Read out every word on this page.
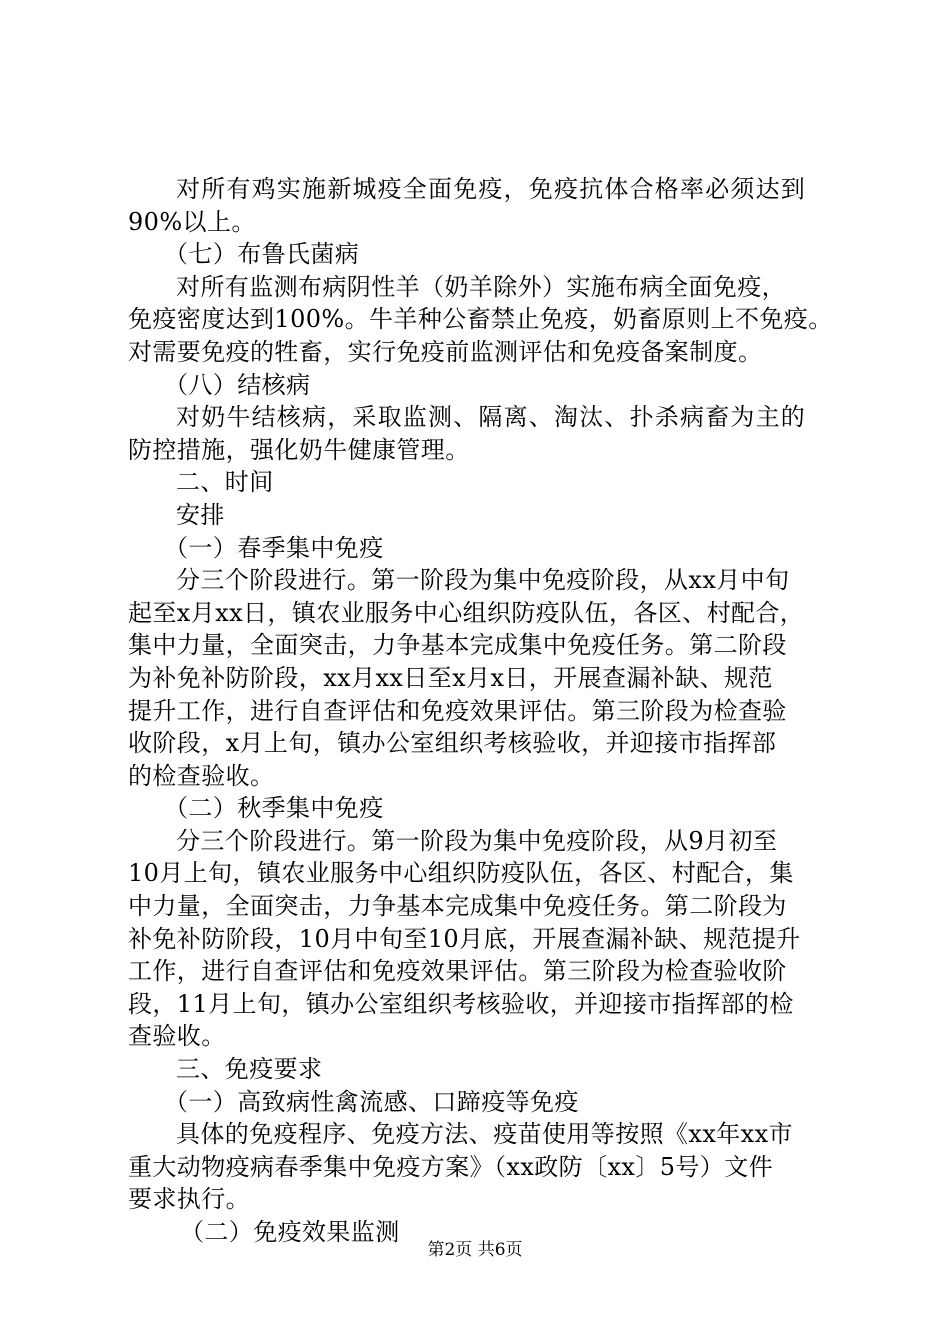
对所有鸡实施新城疫全面免疫，免疫抗体合格率必须达到
90%以上。
（七）布鲁氏菌病
对所有监测布病阴性羊（奶羊除外）实施布病全面免疫，
免疫密度达到100%。牛羊种公畜禁止免疫，奶畜原则上不免疫。
对需要免疫的牲畜，实行免疫前监测评估和免疫备案制度。
（八）结核病
对奶牛结核病，采取监测、隔离、淘汰、扑杀病畜为主的
防控措施，强化奶牛健康管理。
二、时间
安排
（一）春季集中免疫
分三个阶段进行。第一阶段为集中免疫阶段，从xx月中旬
起至x月xx日，镇农业服务中心组织防疫队伍，各区、村配合，
集中力量，全面突击，力争基本完成集中免疫任务。第二阶段
为补免补防阶段，xx月xx日至x月x日，开展查漏补缺、规范
提升工作，进行自查评估和免疫效果评估。第三阶段为检查验
收阶段，x月上旬，镇办公室组织考核验收，并迎接市指挥部
的检查验收。
（二）秋季集中免疫
分三个阶段进行。第一阶段为集中免疫阶段，从9月初至
10月上旬，镇农业服务中心组织防疫队伍，各区、村配合，集
中力量，全面突击，力争基本完成集中免疫任务。第二阶段为
补免补防阶段，10月中旬至10月底，开展查漏补缺、规范提升
工作，进行自查评估和免疫效果评估。第三阶段为检查验收阶
段，11月上旬，镇办公室组织考核验收，并迎接市指挥部的检
查验收。
三、免疫要求
（一）高致病性禽流感、口蹄疫等免疫
具体的免疫程序、免疫方法、疫苗使用等按照《xx年xx市
重大动物疫病春季集中免疫方案》（xx政防〔xx〕5号）文件
要求执行。
（二）免疫效果监测
第2页 共6页
